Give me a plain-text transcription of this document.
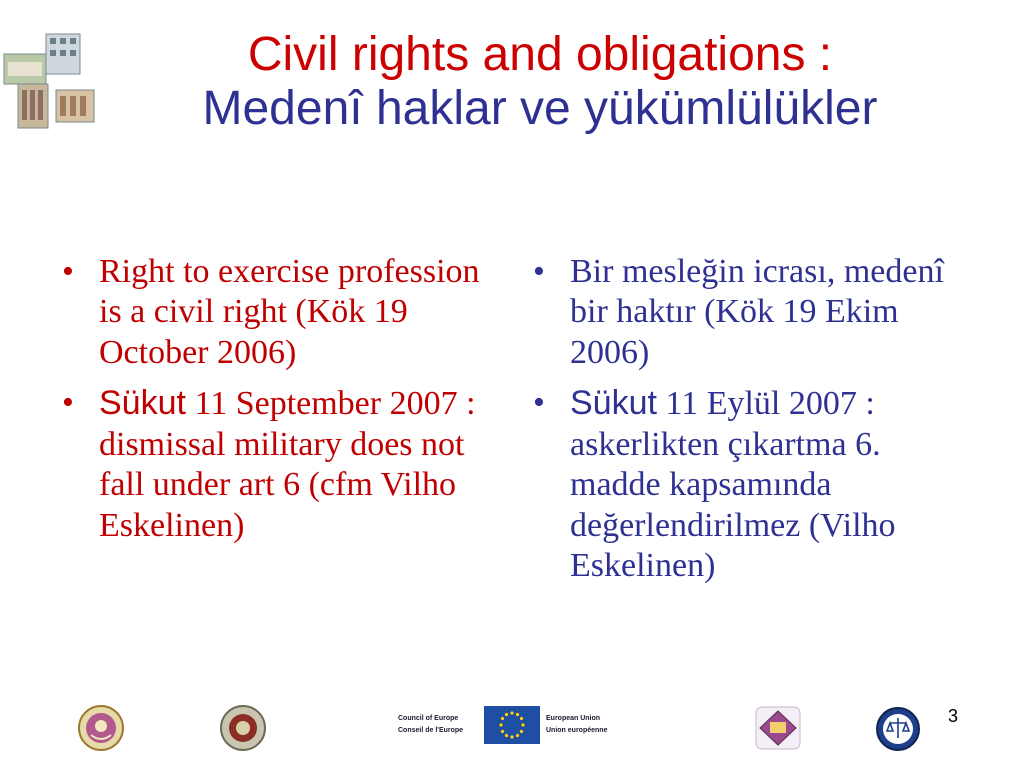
Civil rights and obligations :
Medenî haklar ve yükümlülükler
• Right to exercise profession is a civil right (Kök 19 October 2006)
• Sükut 11 September 2007 : dismissal military does not fall under art 6 (cfm Vilho Eskelinen)
• Bir mesleğin icrası, medenî bir haktır (Kök 19 Ekim 2006)
• Sükut 11 Eylül 2007 : askerlikten çıkartma 6. madde kapsamında değerlendirilmez (Vilho Eskelinen)
Council of Europe
Conseil de l'Europe
European Union
Union européenne
3
